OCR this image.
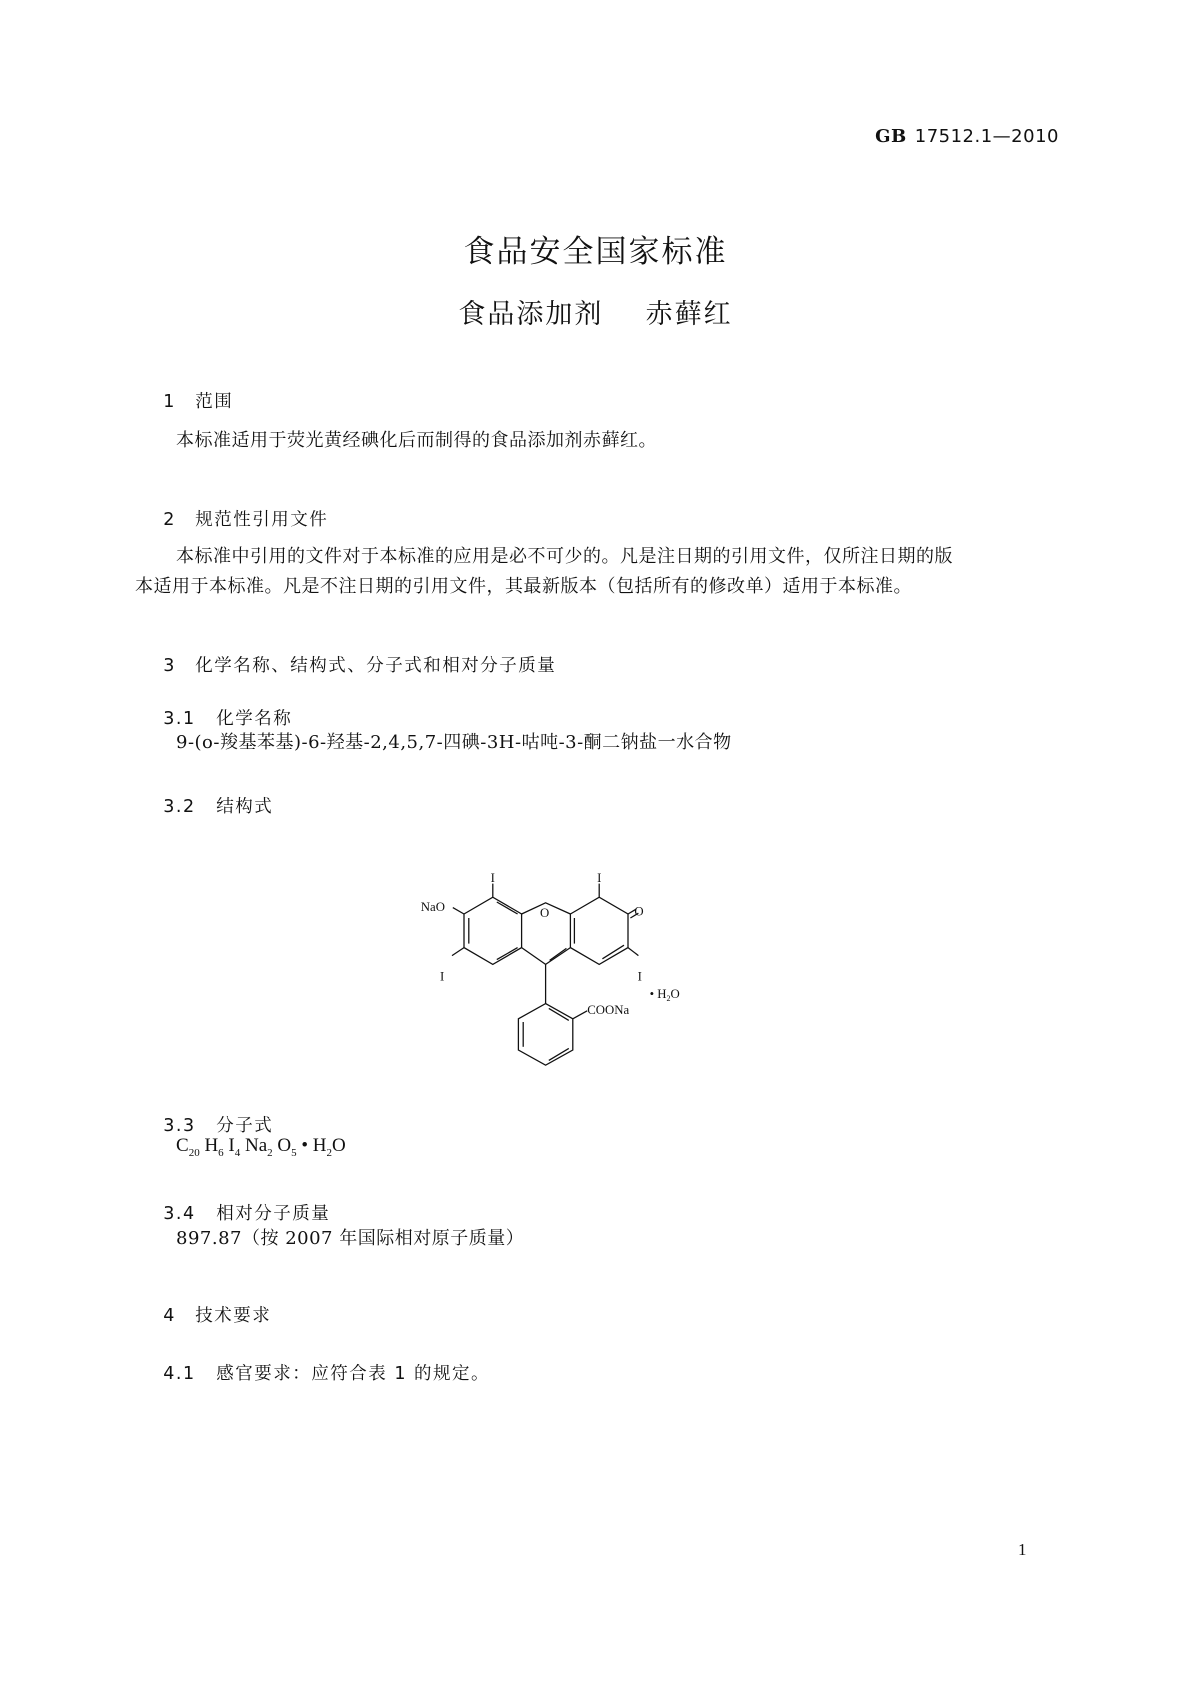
GB 17512.1—2010
食品安全国家标准
食品添加剂    赤藓红

1 范围

本标准适用于荧光黄经碘化后而制得的食品添加剂赤藓红。

2 规范性引用文件

本标准中引用的文件对于本标准的应用是必不可少的。凡是注日期的引用文件，仅所注日期的版
本适用于本标准。凡是不注日期的引用文件，其最新版本（包括所有的修改单）适用于本标准。

3 化学名称、结构式、分子式和相对分子质量

3.1 化学名称

9-(o-羧基苯基)-6-羟基-2,4,5,7-四碘-3H-咕吨-3-酮二钠盐一水合物

3.2 结构式

I	I
NaO	O	O
I	I
COONa
• $H_2O$

3.3 分子式

$C_{20}$ $H_6$ $I_4$ $Na_2$ $O_5$ • $H_2O$

3.4 相对分子质量

897.87（按 2007 年国际相对原子质量）

4 技术要求

4.1 感官要求：应符合表 1 的规定。

1
